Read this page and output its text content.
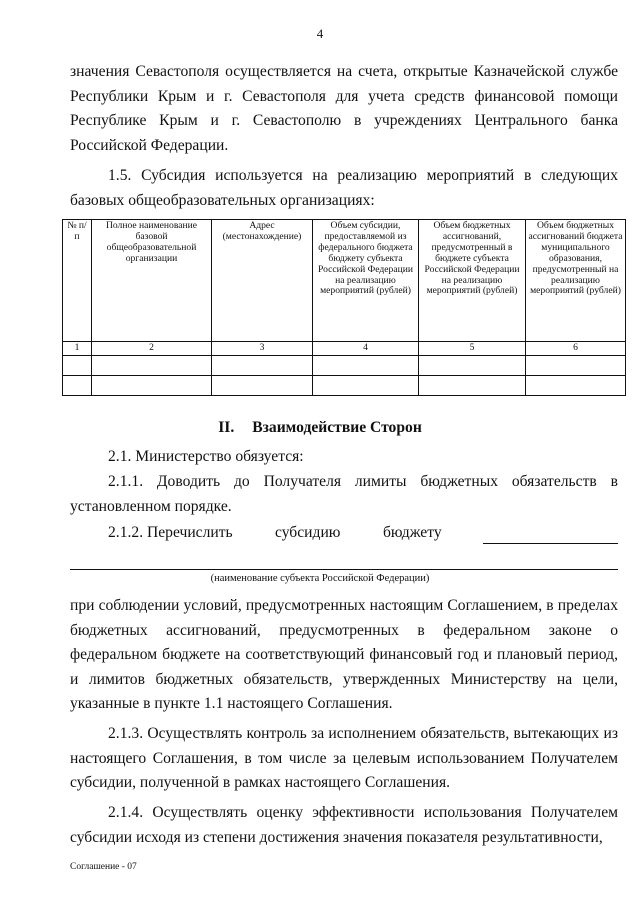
4

значения Севастополя осуществляется на счета, открытые Казначейской службе Республики Крым и г. Севастополя для учета средств финансовой помощи Республике Крым и г. Севастополю в учреждениях Центрального банка Российской Федерации.

1.5. Субсидия используется на реализацию мероприятий в следующих базовых общеобразовательных организациях:

№ п/п	Полное наименование базовой общеобразовательной организации	Адрес (местонахождение)	Объем субсидии, предоставляемой из федерального бюджета бюджету субъекта Российской Федерации на реализацию мероприятий (рублей)	Объем бюджетных ассигнований, предусмотренный в бюджете субъекта Российской Федерации на реализацию мероприятий (рублей)	Объем бюджетных ассигнований бюджета муниципального образования, предусмотренный на реализацию мероприятий (рублей)
1	2	3	4	5	6

II. Взаимодействие Сторон

2.1. Министерство обязуется:

2.1.1. Доводить до Получателя лимиты бюджетных обязательств в

установленном порядке.

2.1.2. Перечислить	субсидию	бюджету

(наименование субъекта Российской Федерации)

при соблюдении условий, предусмотренных настоящим Соглашением, в пределах бюджетных ассигнований, предусмотренных в федеральном законе о федеральном бюджете на соответствующий финансовый год и плановый период, и лимитов бюджетных обязательств, утвержденных Министерству на цели, указанные в пункте 1.1 настоящего Соглашения.

2.1.3. Осуществлять контроль за исполнением обязательств, вытекающих из настоящего Соглашения, в том числе за целевым использованием Получателем субсидии, полученной в рамках настоящего Соглашения.

2.1.4. Осуществлять оценку эффективности использования Получателем субсидии исходя из степени достижения значения показателя результативности,

Соглашение - 07
